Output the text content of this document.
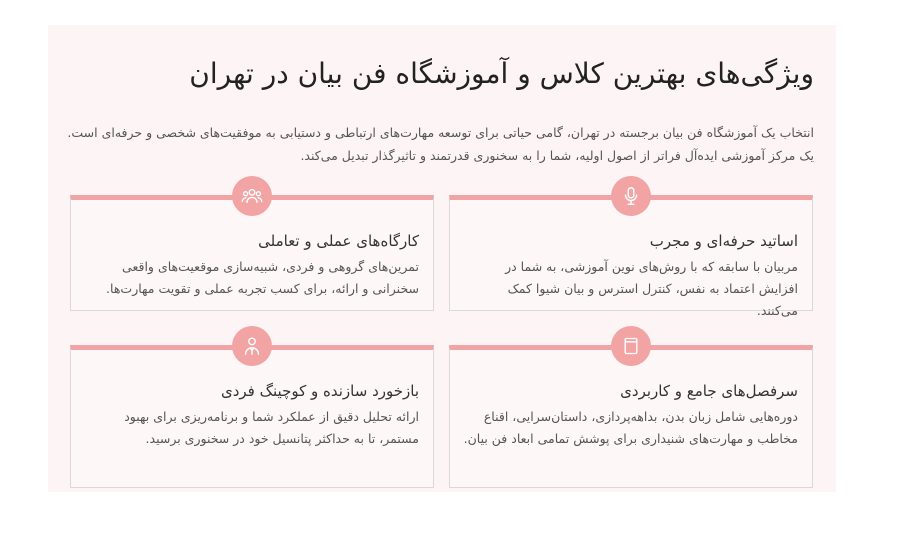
ویژگی‌های بهترین کلاس و آموزشگاه فن بیان در تهران

انتخاب یک آموزشگاه فن بیان برجسته در تهران، گامی حیاتی برای توسعه مهارت‌های ارتباطی و دستیابی به موفقیت‌های شخصی و حرفه‌ای است. یک مرکز آموزشی ایده‌آل فراتر از اصول اولیه، شما را به سخنوری قدرتمند و تاثیرگذار تبدیل می‌کند.

اساتید حرفه‌ای و مجرب

مربیان با سابقه که با روش‌های نوین آموزشی، به شما در افزایش اعتماد به نفس، کنترل استرس و بیان شیوا کمک می‌کنند.

کارگاه‌های عملی و تعاملی

تمرین‌های گروهی و فردی، شبیه‌سازی موقعیت‌های واقعی سخنرانی و ارائه، برای کسب تجربه عملی و تقویت مهارت‌ها.

سرفصل‌های جامع و کاربردی

دوره‌هایی شامل زبان بدن، بداهه‌پردازی، داستان‌سرایی، اقناع مخاطب و مهارت‌های شنیداری برای پوشش تمامی ابعاد فن بیان.

بازخورد سازنده و کوچینگ فردی

ارائه تحلیل دقیق از عملکرد شما و برنامه‌ریزی برای بهبود مستمر، تا به حداکثر پتانسیل خود در سخنوری برسید.
